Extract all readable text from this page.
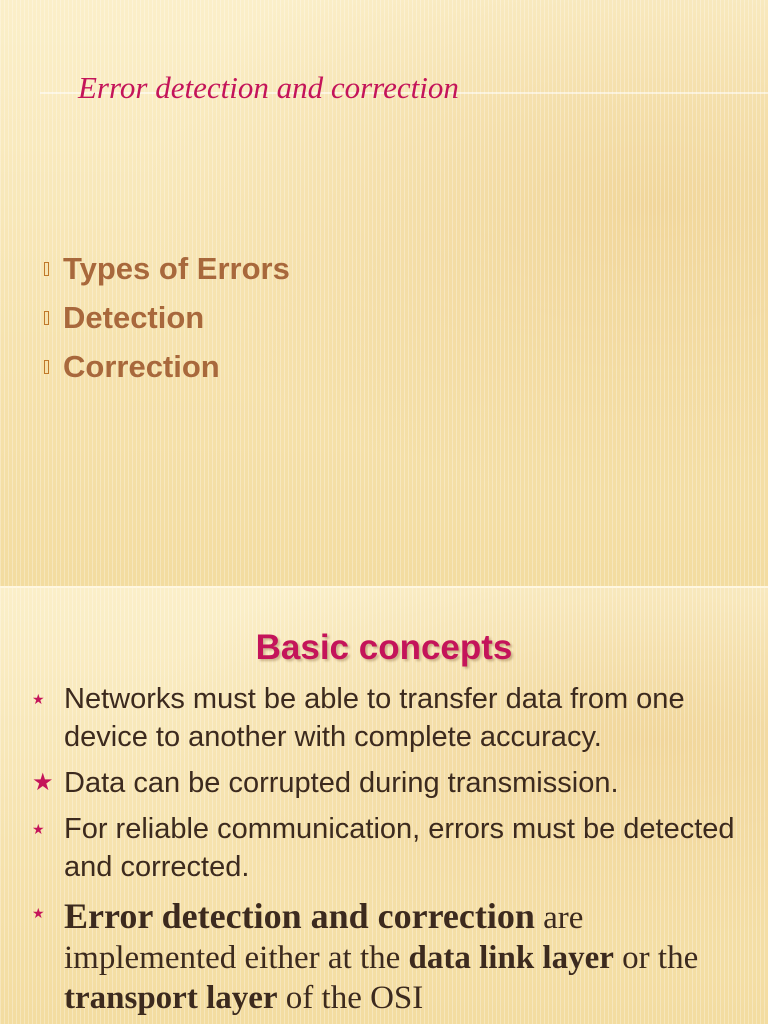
Error detection and correction
Types of Errors
Detection
Correction
Basic concepts
★ Networks must be able to transfer data from one device to another with complete accuracy.
★ Data can be corrupted during transmission.
★ For reliable communication, errors must be detected and corrected.
★ Error detection and correction are implemented either at the data link layer or the transport layer of the OSI
